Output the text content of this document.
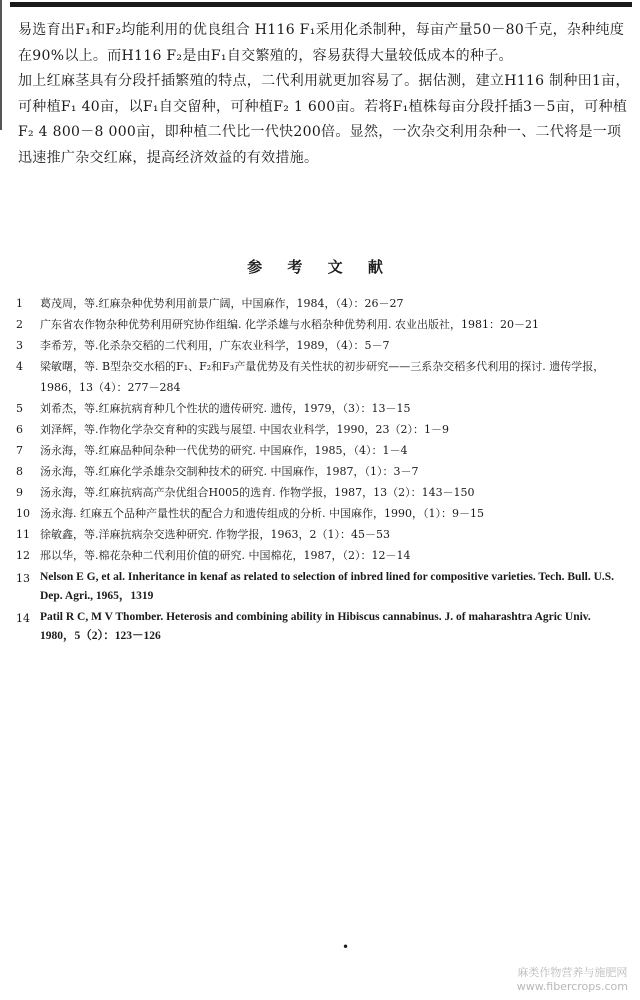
易选育出F₁和F₂均能利用的优良组合 H116 F₁采用化杀制种，每亩产量50－80千克，杂种纯度在90%以上。而H116 F₂是由F₁自交繁殖的，容易获得大量较低成本的种子。

加上红麻茎具有分段扦插繁殖的特点，二代利用就更加容易了。据估测，建立H116 制种田1亩，可种植F₁ 40亩，以F₁自交留种，可种植F₂ 1 600亩。若将F₁植株每亩分段扦插3－5亩，可种植F₂ 4 800－8 000亩，即种植二代比一代快200倍。显然，一次杂交利用杂种一、二代将是一项迅速推广杂交红麻，提高经济效益的有效措施。

参 考 文 献
1	葛茂周，等.红麻杂种优势利用前景广阔，中国麻作，1984，（4）：26－27
2	广东省农作物杂种优势利用研究协作组编. 化学杀雄与水稻杂种优势利用. 农业出版社，1981：20－21
3	李希芳，等.化杀杂交稻的二代利用，广东农业科学，1989，（4）：5－7
4	梁敏曙，等. B型杂交水稻的F₁、F₂和F₃产量优势及有关性状的初步研究——三系杂交稻多代利用的探讨. 遗传学报，1986，13（4）：277－284
5	刘希杰，等.红麻抗病育种几个性状的遗传研究. 遗传，1979，（3）：13－15
6	刘泽辉，等.作物化学杂交育种的实践与展望. 中国农业科学，1990，23（2）：1－9
7	汤永海，等.红麻品种间杂种一代优势的研究. 中国麻作，1985，（4）：1－4
8	汤永海，等.红麻化学杀雄杂交制种技术的研究. 中国麻作，1987，（1）：3－7
9	汤永海，等.红麻抗病高产杂优组合H005的选育. 作物学报，1987，13（2）：143－150
10 汤永海. 红麻五个品种产量性状的配合力和遗传组成的分析. 中国麻作，1990，（1）：9－15
11 徐敏鑫，等.洋麻抗病杂交选种研究. 作物学报，1963，2（1）：45－53
12 邢以华，等.棉花杂种二代利用价值的研究. 中国棉花，1987，（2）：12－14
13 Nelson E G, et al. Inheritance in kenaf as related to selection of inbred lined for compositive varieties. Tech. Bull. U.S. Dep. Agri., 1965，1319
14 Patil R C, M V Thomber. Heterosis and combining ability in Hibiscus cannabinus. J. of maharashtra Agric Univ. 1980，5（2）：123－126
•
麻类作物营养与施肥网
www.fibercrops.com
